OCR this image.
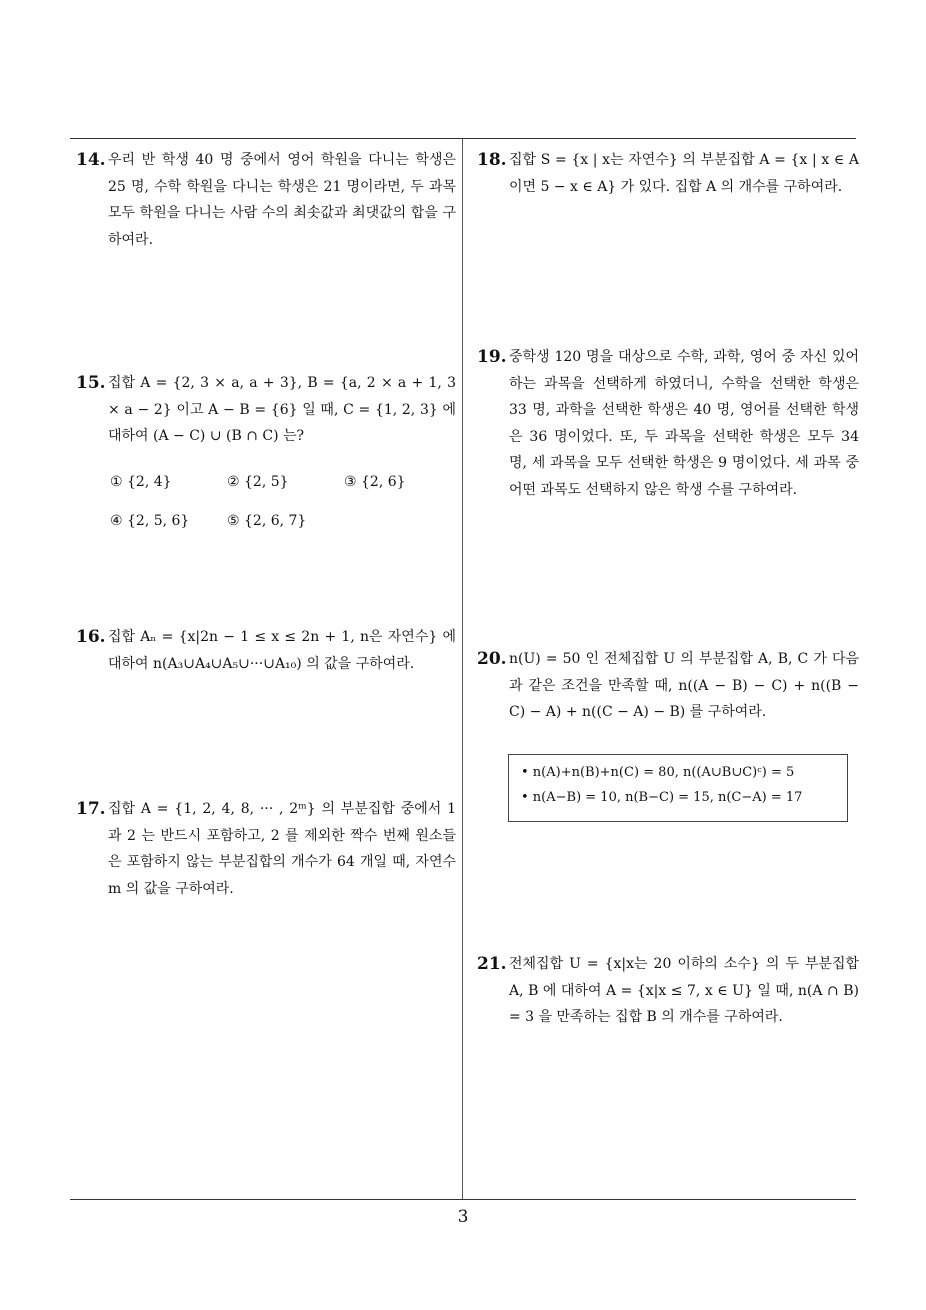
14. 우리 반 학생 40 명 중에서 영어 학원을 다니는 학생은 25 명, 수학 학원을 다니는 학생은 21 명이라면, 두 과목 모두 학원을 다니는 사람 수의 최솟값과 최댓값의 합을 구하여라.
15. 집합 A = {2, 3 × a, a + 3}, B = {a, 2 × a + 1, 3 × a − 2} 이고 A − B = {6} 일 때, C = {1, 2, 3} 에 대하여 (A − C) ∪ (B ∩ C) 는?
① {2, 4}	② {2, 5}	③ {2, 6}
④ {2, 5, 6}	⑤ {2, 6, 7}
16. 집합 Aₙ = {x|2n − 1 ≤ x ≤ 2n + 1, n은 자연수} 에 대하여 n(A₃∪A₄∪A₅∪···∪A₁₀) 의 값을 구하여라.
17. 집합 A = {1, 2, 4, 8, ··· , 2ᵐ} 의 부분집합 중에서 1 과 2 는 반드시 포함하고, 2 를 제외한 짝수 번째 원소들은 포함하지 않는 부분집합의 개수가 64 개일 때, 자연수 m 의 값을 구하여라.
18. 집합 S = {x | x는 자연수} 의 부분집합 A = {x | x ∈ A이면 5 − x ∈ A} 가 있다. 집합 A 의 개수를 구하여라.
19. 중학생 120 명을 대상으로 수학, 과학, 영어 중 자신 있어 하는 과목을 선택하게 하였더니, 수학을 선택한 학생은 33 명, 과학을 선택한 학생은 40 명, 영어를 선택한 학생은 36 명이었다. 또, 두 과목을 선택한 학생은 모두 34 명, 세 과목을 모두 선택한 학생은 9 명이었다. 세 과목 중 어떤 과목도 선택하지 않은 학생 수를 구하여라.
20. n(U) = 50 인 전체집합 U 의 부분집합 A, B, C 가 다음과 같은 조건을 만족할 때, n((A − B) − C) + n((B − C) − A) + n((C − A) − B) 를 구하여라.
• n(A)+n(B)+n(C) = 80, n((A∪B∪C)ᶜ) = 5
• n(A−B) = 10, n(B−C) = 15, n(C−A) = 17
21. 전체집합 U = {x|x는 20 이하의 소수} 의 두 부분집합 A, B 에 대하여 A = {x|x ≤ 7, x ∈ U} 일 때, n(A ∩ B) = 3 을 만족하는 집합 B 의 개수를 구하여라.
3
